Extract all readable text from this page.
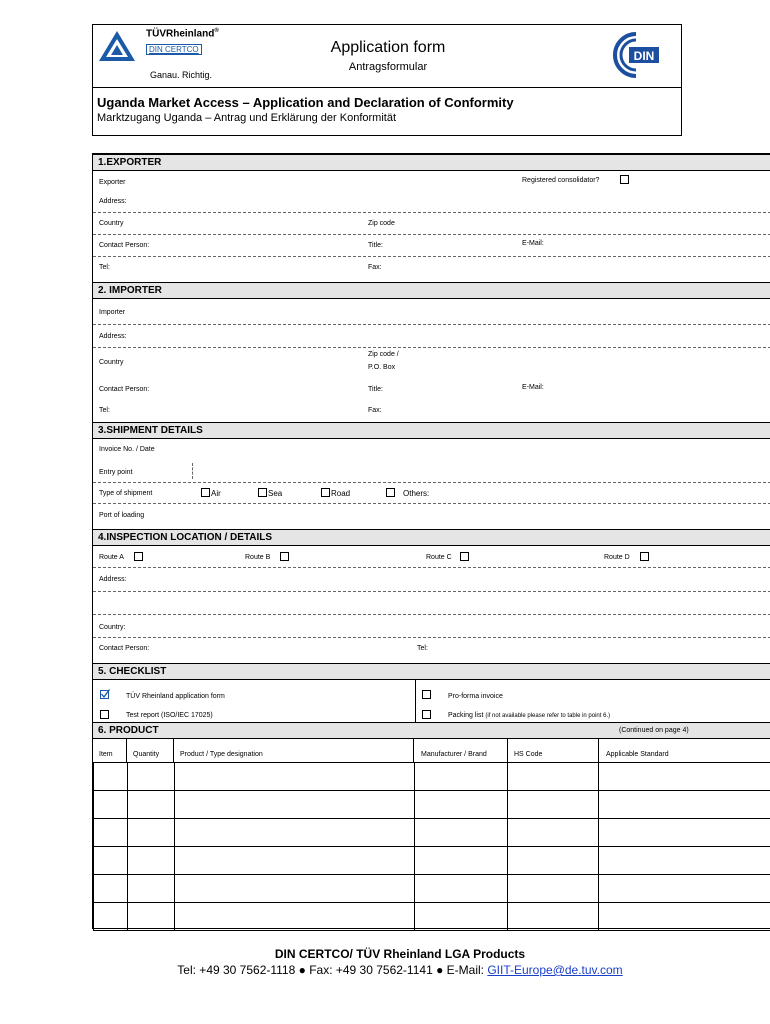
TÜVRheinland®
DIN CERTCO
Ganau. Richtig.
Application form
Antragsformular
DIN
Uganda Market Access – Application and Declaration of Conformity
Marktzugang Uganda – Antrag und Erklärung der Konformität
1.EXPORTER
Exporter	Registered consolidator?
Address:
Country	Zip code
Contact Person:	Title:	E-Mail:
Tel:	Fax:
2. IMPORTER
Importer
Address:
Country
Zip code /
P.O. Box
Contact Person:	Title:	E-Mail:
Tel:	Fax:
3.SHIPMENT DETAILS
Invoice No. / Date
Entry point
Type of shipment	Air	Sea	Road	Others:
Port of loading
4.INSPECTION LOCATION / DETAILS
Route A	Route B	Route C	Route D
Address:
Country:
Contact Person:	Tel:
5. CHECKLIST
TÜV Rheinland application form	Pro-forma invoice
Test report (ISO/IEC 17025)	Packing list (if not available please refer to table in point 6.)
6. PRODUCT	(Continued on page 4)
Item	Quantity	Product / Type designation	Manufacturer / Brand	HS Code	Applicable Standard

DIN CERTCO/ TÜV Rheinland LGA Products
Tel: +49 30 7562-1118 ● Fax: +49 30 7562-1141 ● E-Mail: GIIT-Europe@de.tuv.com
